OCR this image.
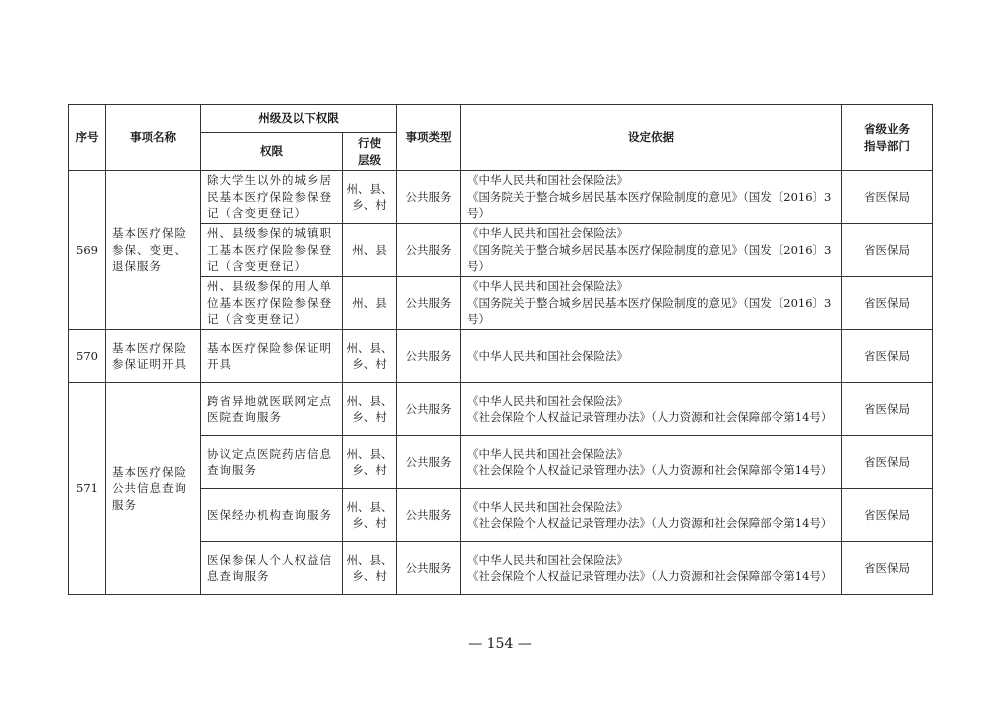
序号	事项名称	州级及以下权限		事项类型	设定依据	省级业务指导部门
		权限	行使层级			
569	基本医疗保险参保、变更、退保服务	除大学生以外的城乡居民基本医疗保险参保登记（含变更登记）	州、县、乡、村	公共服务	《中华人民共和国社会保险法》
《国务院关于整合城乡居民基本医疗保险制度的意见》（国发〔2016〕3号）	省医保局
		州、县级参保的城镇职工基本医疗保险参保登记（含变更登记）	州、县	公共服务	《中华人民共和国社会保险法》
《国务院关于整合城乡居民基本医疗保险制度的意见》（国发〔2016〕3号）	省医保局
		州、县级参保的用人单位基本医疗保险参保登记（含变更登记）	州、县	公共服务	《中华人民共和国社会保险法》
《国务院关于整合城乡居民基本医疗保险制度的意见》（国发〔2016〕3号）	省医保局
570	基本医疗保险参保证明开具	基本医疗保险参保证明开具	州、县、乡、村	公共服务	《中华人民共和国社会保险法》	省医保局
571	基本医疗保险公共信息查询服务	跨省异地就医联网定点医院查询服务	州、县、乡、村	公共服务	《中华人民共和国社会保险法》
《社会保险个人权益记录管理办法》（人力资源和社会保障部令第14号）	省医保局
		协议定点医院药店信息查询服务	州、县、乡、村	公共服务	《中华人民共和国社会保险法》
《社会保险个人权益记录管理办法》（人力资源和社会保障部令第14号）	省医保局
		医保经办机构查询服务	州、县、乡、村	公共服务	《中华人民共和国社会保险法》
《社会保险个人权益记录管理办法》（人力资源和社会保障部令第14号）	省医保局
		医保参保人个人权益信息查询服务	州、县、乡、村	公共服务	《中华人民共和国社会保险法》
《社会保险个人权益记录管理办法》（人力资源和社会保障部令第14号）	省医保局
— 154 —
